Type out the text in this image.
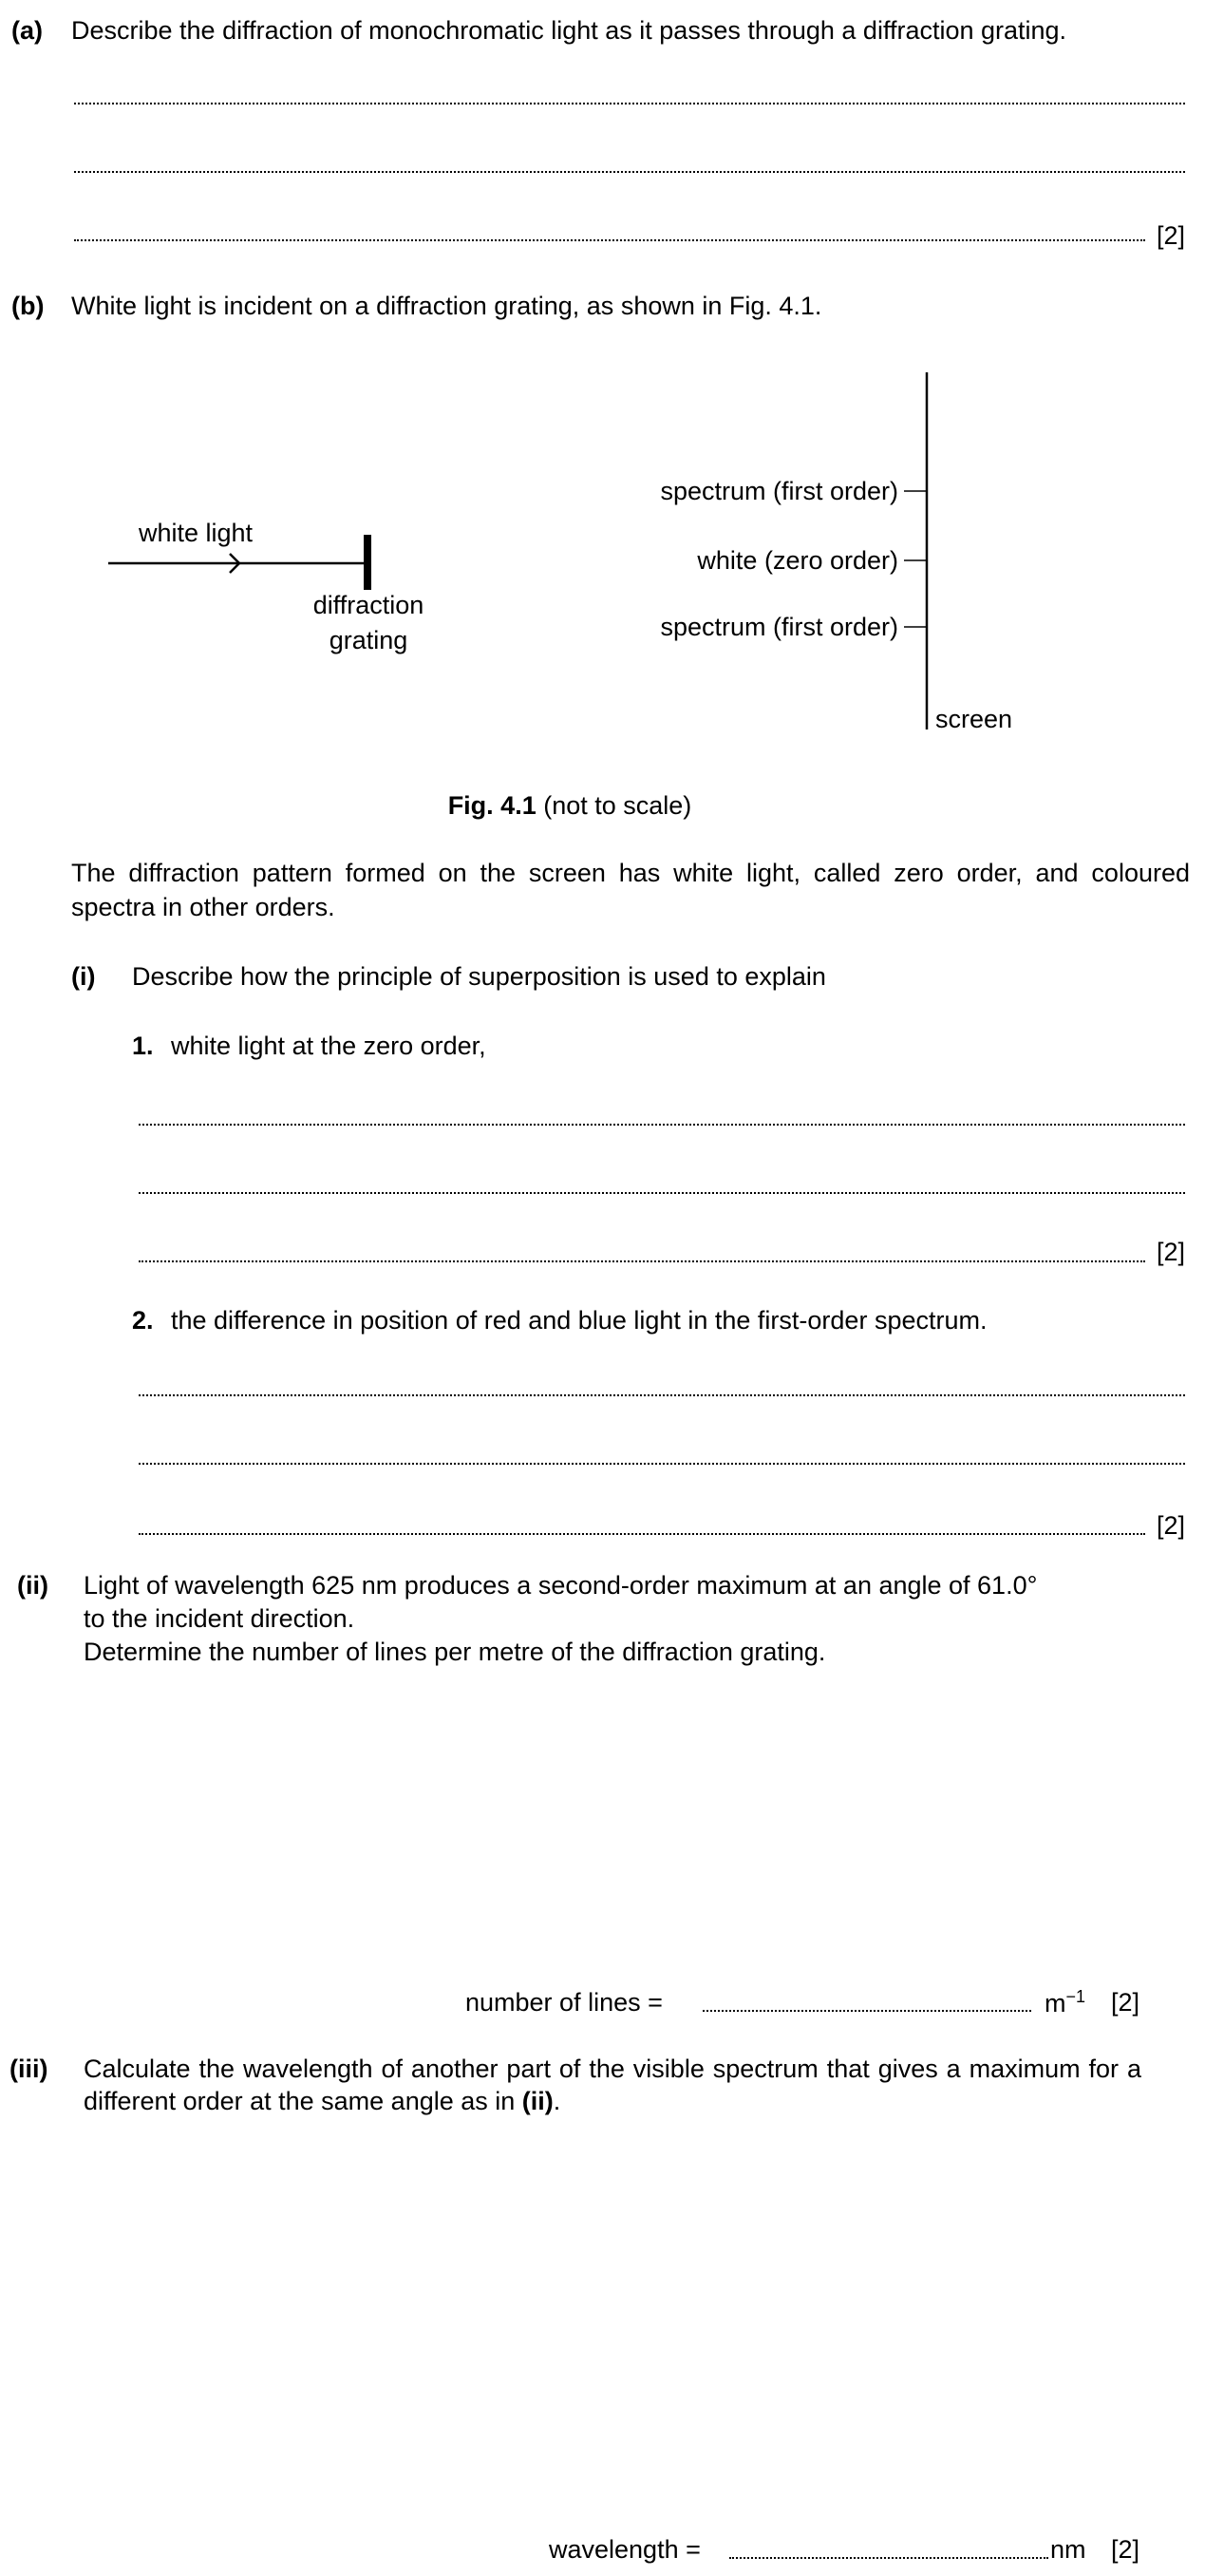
(a) Describe the diffraction of monochromatic light as it passes through a diffraction grating.
[2]
(b) White light is incident on a diffraction grating, as shown in Fig. 4.1.
white light
diffraction
grating
spectrum (first order)
white (zero order)
spectrum (first order)
screen
Fig. 4.1 (not to scale)
The diffraction pattern formed on the screen has white light, called zero order, and coloured spectra in other orders.
(i) Describe how the principle of superposition is used to explain
1. white light at the zero order,
[2]
2. the difference in position of red and blue light in the first-order spectrum.
[2]
(ii) Light of wavelength 625 nm produces a second-order maximum at an angle of 61.0°
to the incident direction.
Determine the number of lines per metre of the diffraction grating.
number of lines =	$m^{-1}$ [2]
(iii) Calculate the wavelength of another part of the visible spectrum that gives a maximum for a different order at the same angle as in (ii).
wavelength =	nm [2]
